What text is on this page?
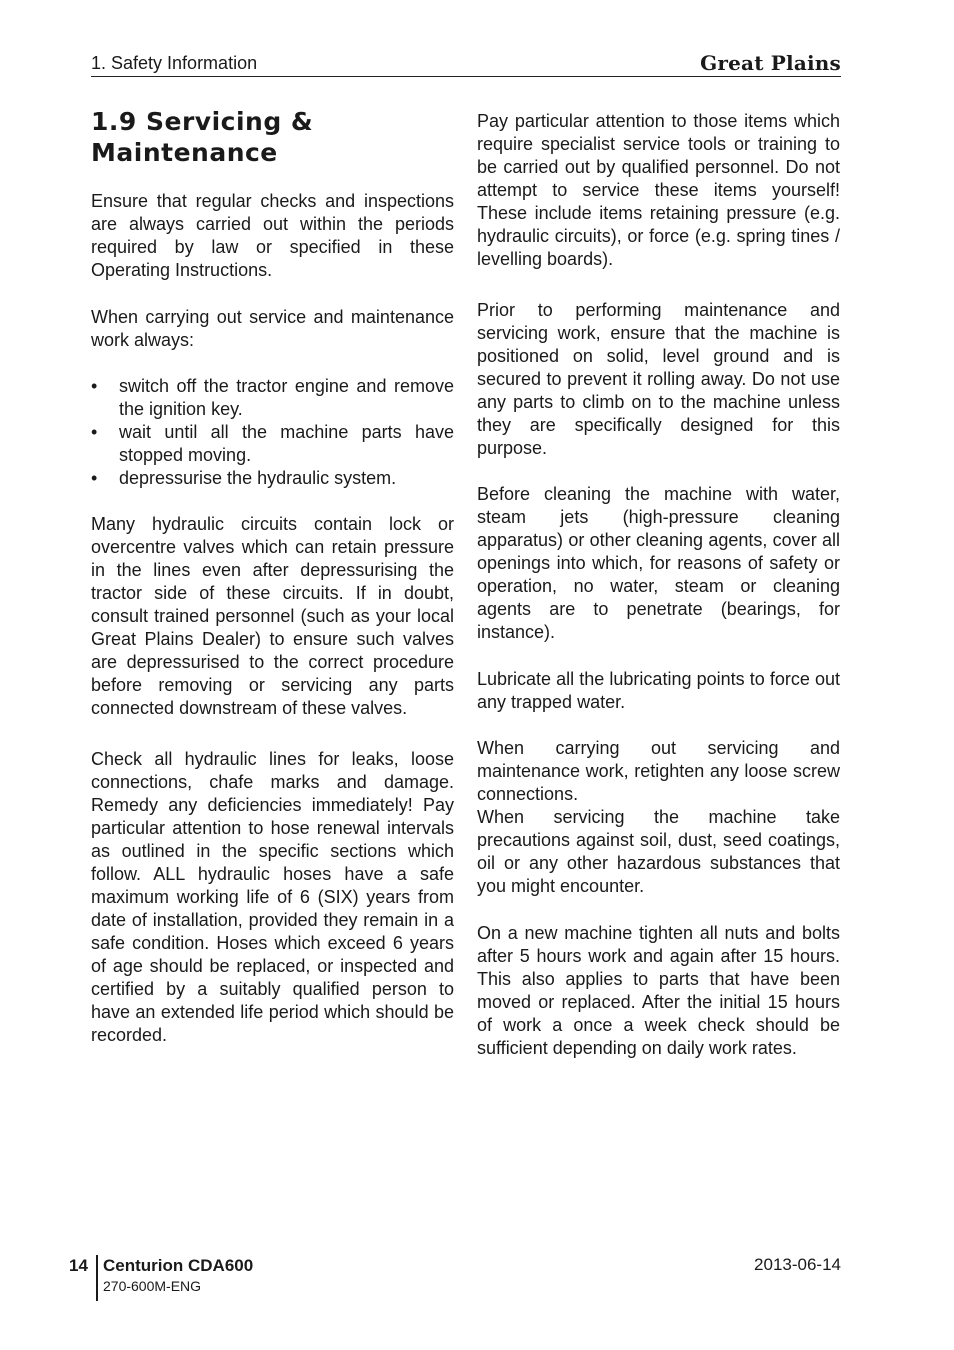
1. Safety Information	Great Plains
1.9 Servicing & Maintenance

Ensure that regular checks and inspections are always carried out within the periods required by law or specified in these Operating Instructions.

When carrying out service and maintenance work always:

• switch off the tractor engine and remove the ignition key.
• wait until all the machine parts have stopped moving.
• depressurise the hydraulic system.

Many hydraulic circuits contain lock or overcentre valves which can retain pressure in the lines even after depressurising the tractor side of these circuits. If in doubt, consult trained personnel (such as your local Great Plains Dealer) to ensure such valves are depressurised to the correct procedure before removing or servicing any parts connected downstream of these valves.

Check all hydraulic lines for leaks, loose connections, chafe marks and damage. Remedy any deficiencies immediately! Pay particular attention to hose renewal intervals as outlined in the specific sections which follow. ALL hydraulic hoses have a safe maximum working life of 6 (SIX) years from date of installation, provided they remain in a safe condition. Hoses which exceed 6 years of age should be replaced, or inspected and certified by a suitably qualified person to have an extended life period which should be recorded.

Pay particular attention to those items which require specialist service tools or training to be carried out by qualified personnel. Do not attempt to service these items yourself! These include items retaining pressure (e.g. hydraulic circuits), or force (e.g. spring tines / levelling boards).

Prior to performing maintenance and servicing work, ensure that the machine is positioned on solid, level ground and is secured to prevent it rolling away. Do not use any parts to climb on to the machine unless they are specifically designed for this purpose.

Before cleaning the machine with water, steam jets (high-pressure cleaning apparatus) or other cleaning agents, cover all openings into which, for reasons of safety or operation, no water, steam or cleaning agents are to penetrate (bearings, for instance).

Lubricate all the lubricating points to force out any trapped water.

When carrying out servicing and maintenance work, retighten any loose screw connections.

When servicing the machine take precautions against soil, dust, seed coatings, oil or any other hazardous substances that you might encounter.

On a new machine tighten all nuts and bolts after 5 hours work and again after 15 hours. This also applies to parts that have been moved or replaced. After the initial 15 hours of work a once a week check should be sufficient depending on daily work rates.

14 Centurion CDA600
270-600M-ENG
2013-06-14
